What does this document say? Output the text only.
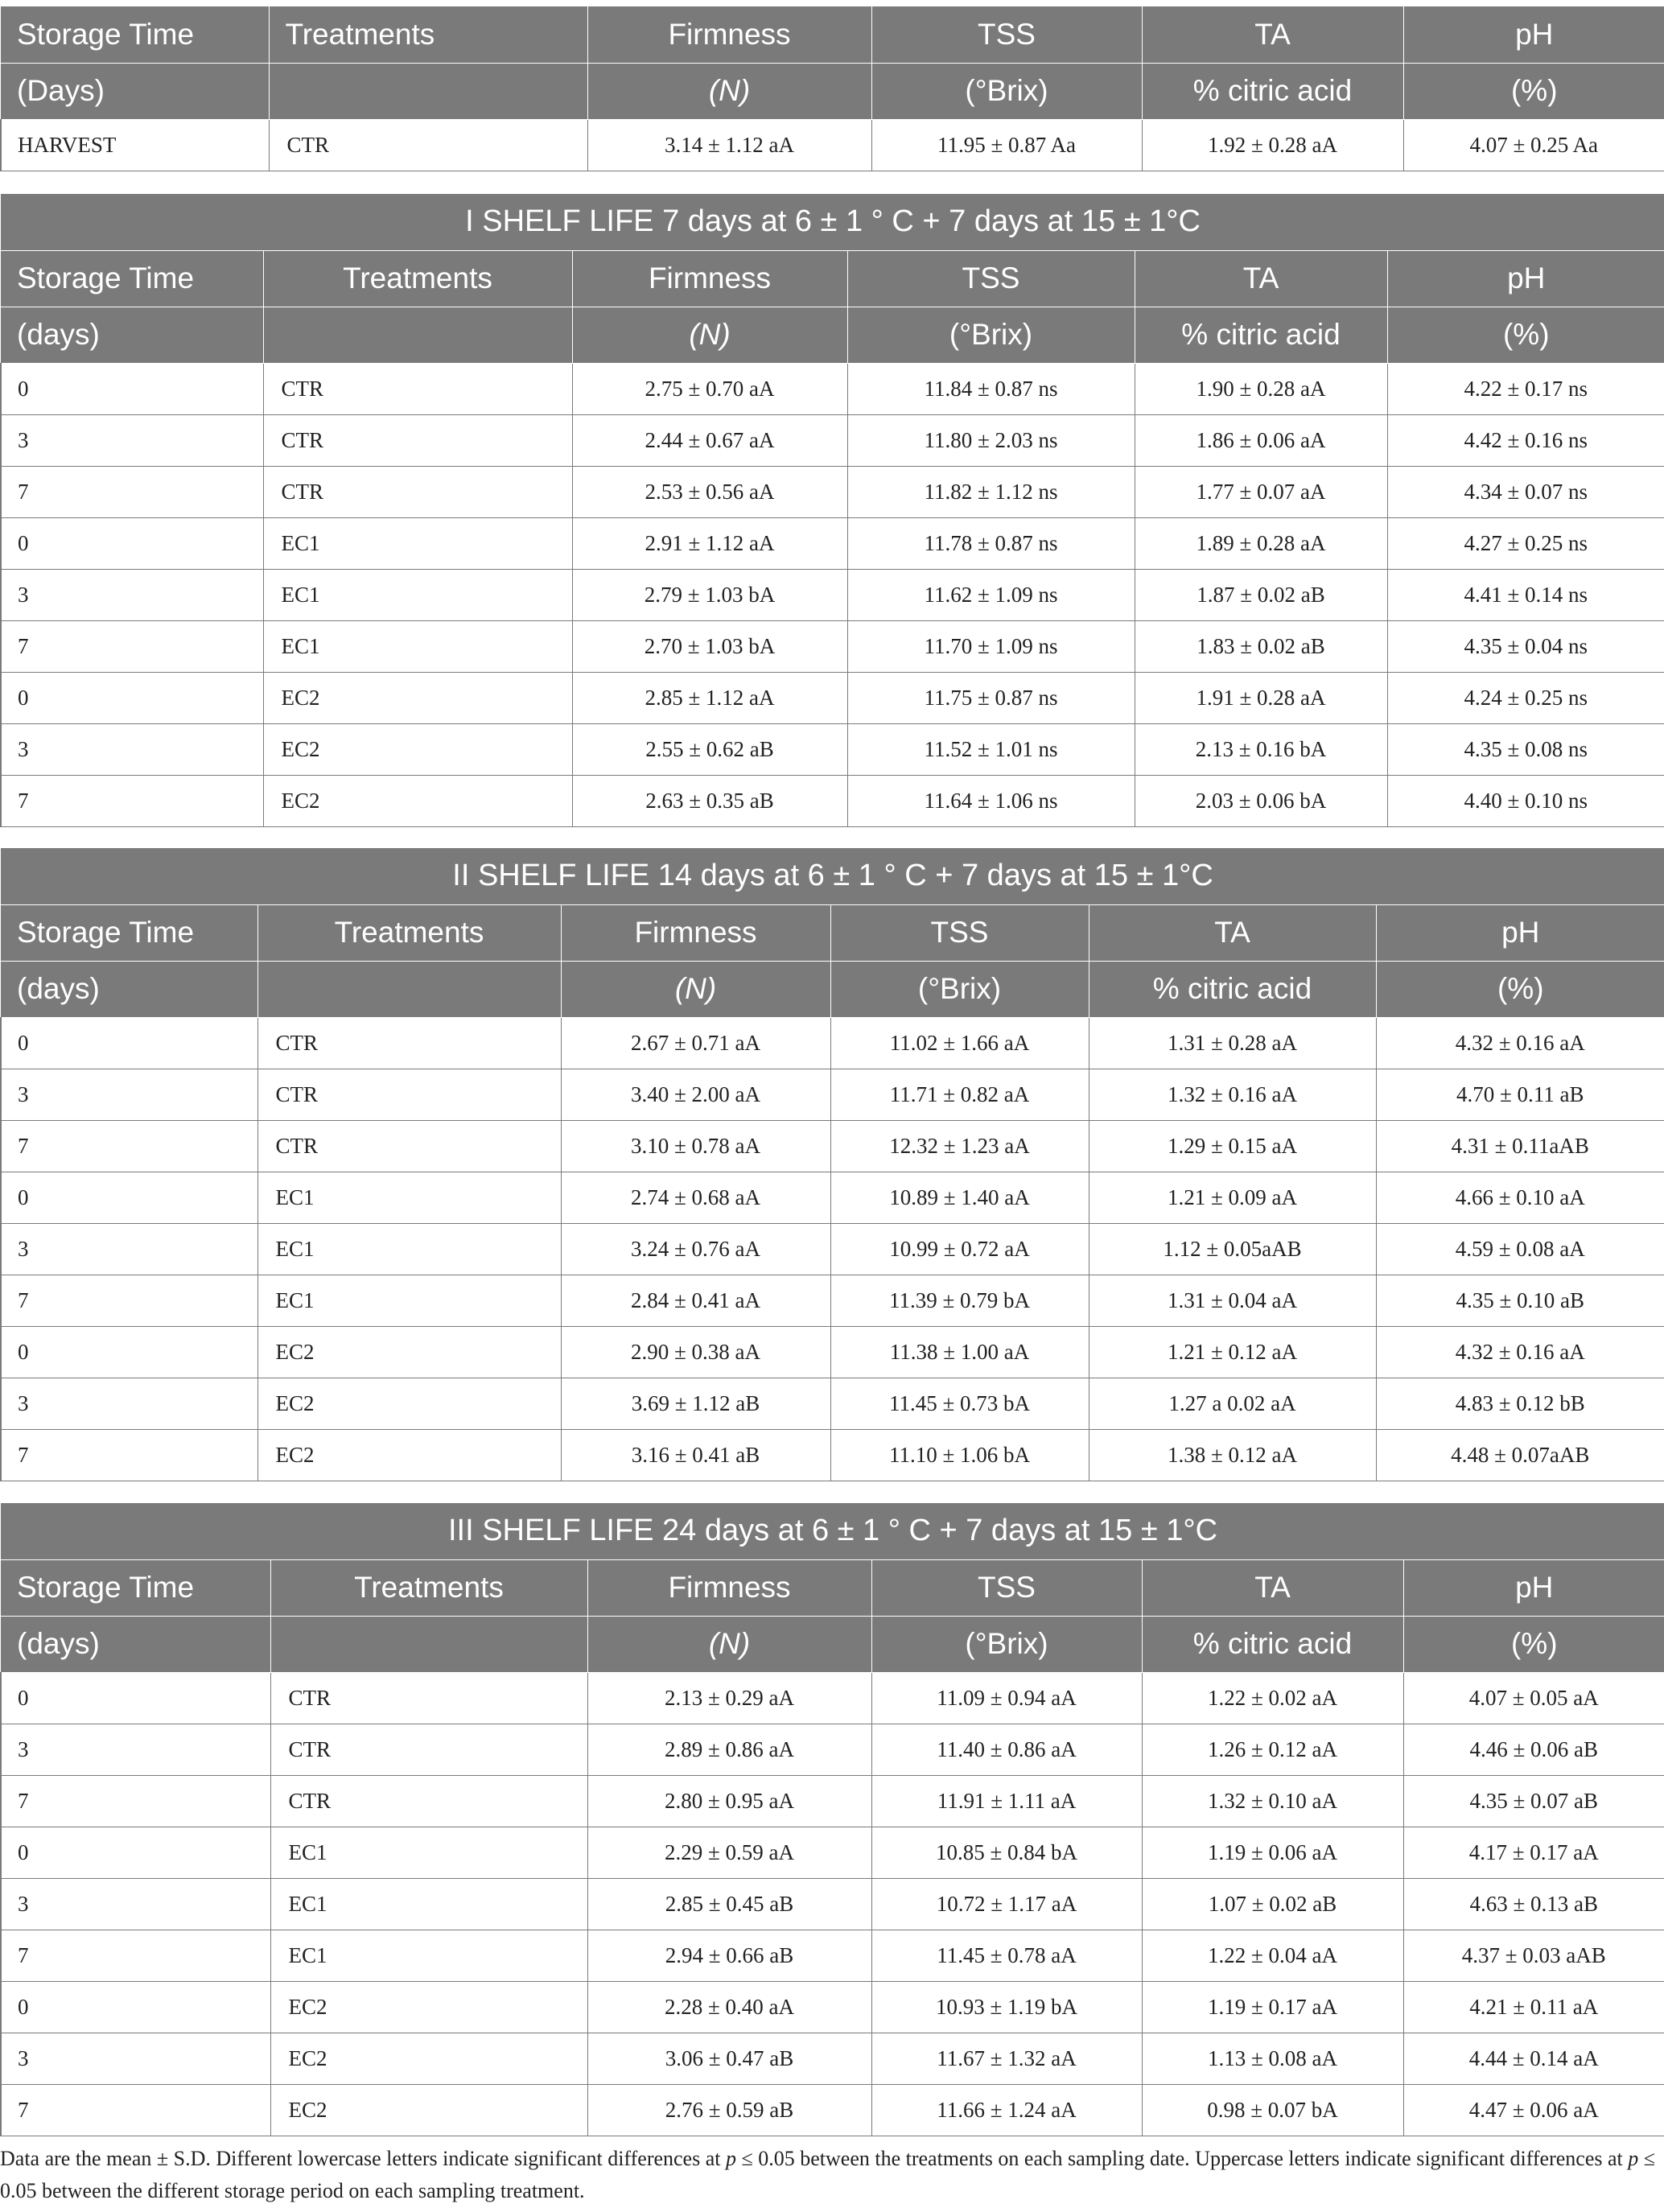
Storage Time	Treatments	Firmness	TSS	TA	pH
(Days)		(N)	(°Brix)	% citric acid	(%)
HARVEST	CTR	3.14 ± 1.12 aA	11.95 ± 0.87 Aa	1.92 ± 0.28 aA	4.07 ± 0.25 Aa
I SHELF LIFE 7 days at 6 ± 1 ° C + 7 days at 15 ± 1°C					
Storage Time	Treatments	Firmness	TSS	TA	pH
(days)		(N)	(°Brix)	% citric acid	(%)
0	CTR	2.75 ± 0.70 aA	11.84 ± 0.87 ns	1.90 ± 0.28 aA	4.22 ± 0.17 ns
3	CTR	2.44 ± 0.67 aA	11.80 ± 2.03 ns	1.86 ± 0.06 aA	4.42 ± 0.16 ns
7	CTR	2.53 ± 0.56 aA	11.82 ± 1.12 ns	1.77 ± 0.07 aA	4.34 ± 0.07 ns
0	EC1	2.91 ± 1.12 aA	11.78 ± 0.87 ns	1.89 ± 0.28 aA	4.27 ± 0.25 ns
3	EC1	2.79 ± 1.03 bA	11.62 ± 1.09 ns	1.87 ± 0.02 aB	4.41 ± 0.14 ns
7	EC1	2.70 ± 1.03 bA	11.70 ± 1.09 ns	1.83 ± 0.02 aB	4.35 ± 0.04 ns
0	EC2	2.85 ± 1.12 aA	11.75 ± 0.87 ns	1.91 ± 0.28 aA	4.24 ± 0.25 ns
3	EC2	2.55 ± 0.62 aB	11.52 ± 1.01 ns	2.13 ± 0.16 bA	4.35 ± 0.08 ns
7	EC2	2.63 ± 0.35 aB	11.64 ± 1.06 ns	2.03 ± 0.06 bA	4.40 ± 0.10 ns
II SHELF LIFE 14 days at 6 ± 1 ° C + 7 days at 15 ± 1°C					
Storage Time	Treatments	Firmness	TSS	TA	pH
(days)		(N)	(°Brix)	% citric acid	(%)
0	CTR	2.67 ± 0.71 aA	11.02 ± 1.66 aA	1.31 ± 0.28 aA	4.32 ± 0.16 aA
3	CTR	3.40 ± 2.00 aA	11.71 ± 0.82 aA	1.32 ± 0.16 aA	4.70 ± 0.11 aB
7	CTR	3.10 ± 0.78 aA	12.32 ± 1.23 aA	1.29 ± 0.15 aA	4.31 ± 0.11aAB
0	EC1	2.74 ± 0.68 aA	10.89 ± 1.40 aA	1.21 ± 0.09 aA	4.66 ± 0.10 aA
3	EC1	3.24 ± 0.76 aA	10.99 ± 0.72 aA	1.12 ± 0.05aAB	4.59 ± 0.08 aA
7	EC1	2.84 ± 0.41 aA	11.39 ± 0.79 bA	1.31 ± 0.04 aA	4.35 ± 0.10 aB
0	EC2	2.90 ± 0.38 aA	11.38 ± 1.00 aA	1.21 ± 0.12 aA	4.32 ± 0.16 aA
3	EC2	3.69 ± 1.12 aB	11.45 ± 0.73 bA	1.27 a 0.02 aA	4.83 ± 0.12 bB
7	EC2	3.16 ± 0.41 aB	11.10 ± 1.06 bA	1.38 ± 0.12 aA	4.48 ± 0.07aAB
III SHELF LIFE 24 days at 6 ± 1 ° C + 7 days at 15 ± 1°C					
Storage Time	Treatments	Firmness	TSS	TA	pH
(days)		(N)	(°Brix)	% citric acid	(%)
0	CTR	2.13 ± 0.29 aA	11.09 ± 0.94 aA	1.22 ± 0.02 aA	4.07 ± 0.05 aA
3	CTR	2.89 ± 0.86 aA	11.40 ± 0.86 aA	1.26 ± 0.12 aA	4.46 ± 0.06 aB
7	CTR	2.80 ± 0.95 aA	11.91 ± 1.11 aA	1.32 ± 0.10 aA	4.35 ± 0.07 aB
0	EC1	2.29 ± 0.59 aA	10.85 ± 0.84 bA	1.19 ± 0.06 aA	4.17 ± 0.17 aA
3	EC1	2.85 ± 0.45 aB	10.72 ± 1.17 aA	1.07 ± 0.02 aB	4.63 ± 0.13 aB
7	EC1	2.94 ± 0.66 aB	11.45 ± 0.78 aA	1.22 ± 0.04 aA	4.37 ± 0.03 aAB
0	EC2	2.28 ± 0.40 aA	10.93 ± 1.19 bA	1.19 ± 0.17 aA	4.21 ± 0.11 aA
3	EC2	3.06 ± 0.47 aB	11.67 ± 1.32 aA	1.13 ± 0.08 aA	4.44 ± 0.14 aA
7	EC2	2.76 ± 0.59 aB	11.66 ± 1.24 aA	0.98 ± 0.07 bA	4.47 ± 0.06 aA
Data are the mean ± S.D. Different lowercase letters indicate significant differences at p ≤ 0.05 between the treatments on each sampling date. Uppercase letters indicate significant differences at p ≤ 0.05 between the different storage period on each sampling treatment.
